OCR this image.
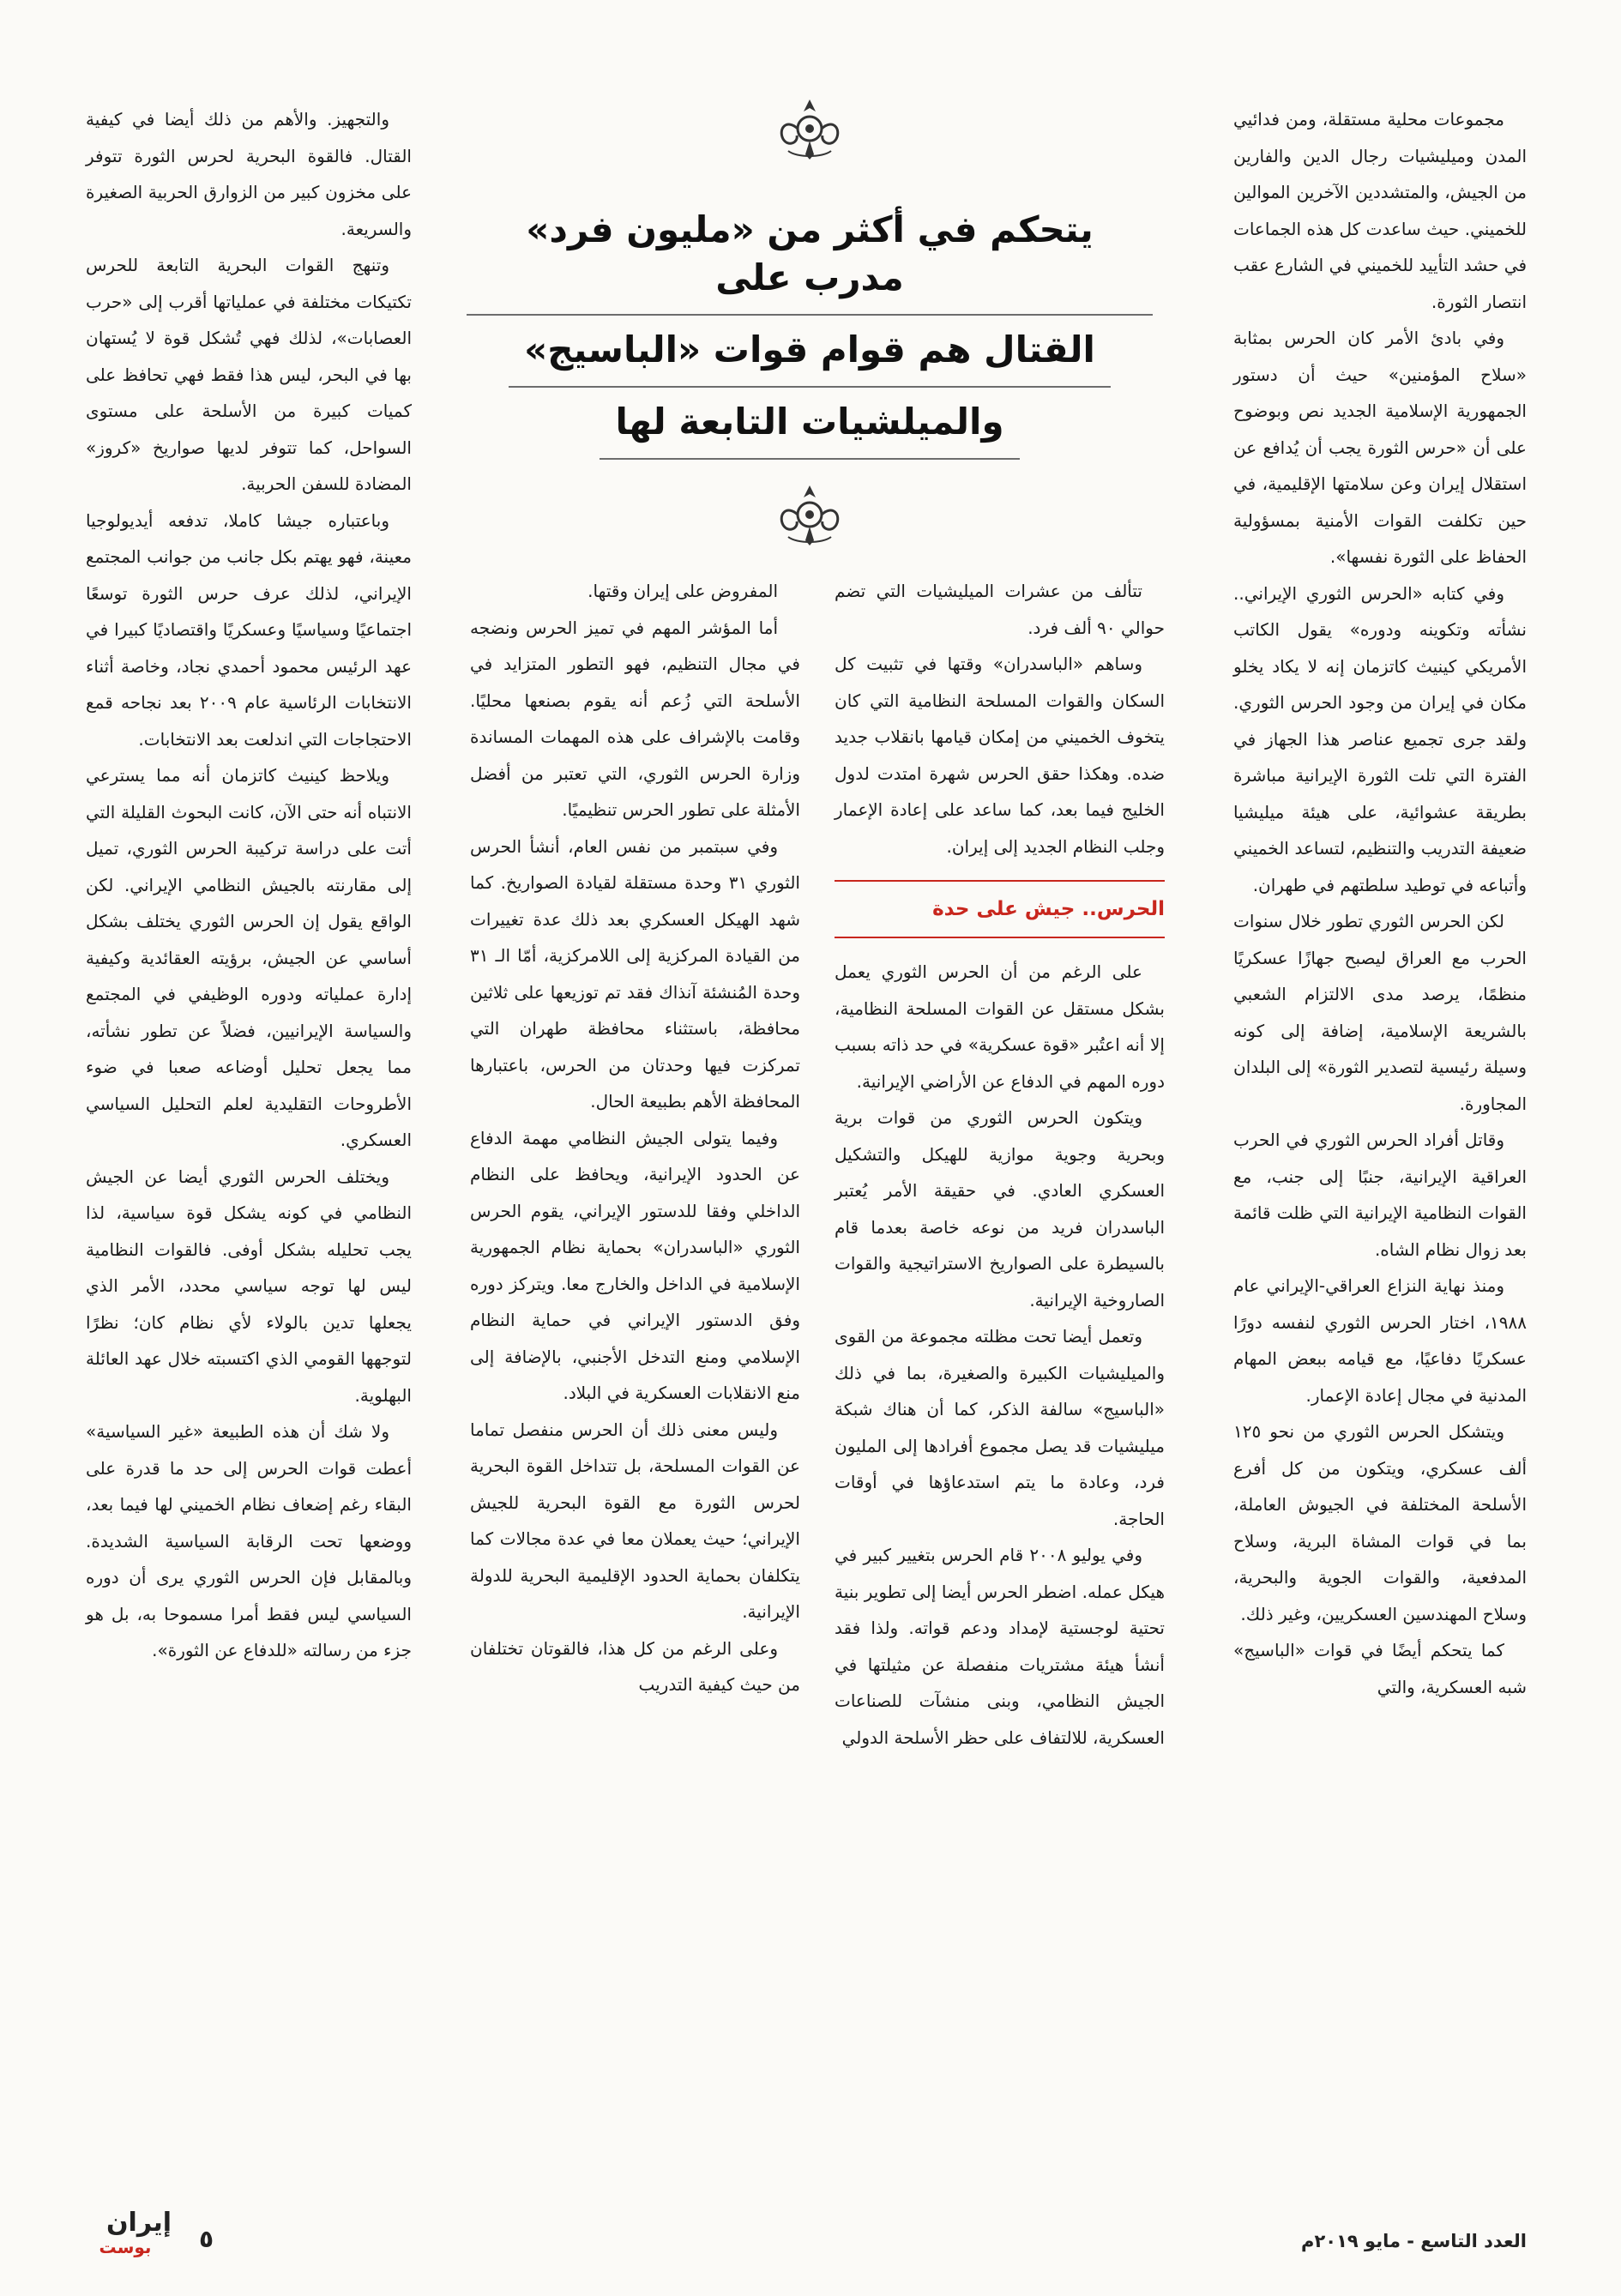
يتحكم في أكثر من «مليون فرد» مدرب على
القتال هم قوام قوات «الباسيج»
والميلشيات التابعة لها

مجموعات محلية مستقلة، ومن فدائيي المدن وميليشيات رجال الدين والفارين من الجيش، والمتشددين الآخرين الموالين للخميني. حيث ساعدت كل هذه الجماعات في حشد التأييد للخميني في الشارع عقب انتصار الثورة.

وفي بادئ الأمر كان الحرس بمثابة «سلاح المؤمنين» حيث أن دستور الجمهورية الإسلامية الجديد نص وبوضوح على أن «حرس الثورة يجب أن يُدافع عن استقلال إيران وعن سلامتها الإقليمية، في حين تكلفت القوات الأمنية بمسؤولية الحفاظ على الثورة نفسها».

وفي كتابه «الحرس الثوري الإيراني.. نشأته وتكوينه ودوره» يقول الكاتب الأمريكي كينيث كاتزمان إنه لا يكاد يخلو مكان في إيران من وجود الحرس الثوري. ولقد جرى تجميع عناصر هذا الجهاز في الفترة التي تلت الثورة الإيرانية مباشرة بطريقة عشوائية، على هيئة ميليشيا ضعيفة التدريب والتنظيم، لتساعد الخميني وأتباعه في توطيد سلطتهم في طهران.

لكن الحرس الثوري تطور خلال سنوات الحرب مع العراق ليصبح جهازًا عسكريًا منظمًا، يرصد مدى الالتزام الشعبي بالشريعة الإسلامية، إضافة إلى كونه وسيلة رئيسية لتصدير الثورة» إلى البلدان المجاورة.

وقاتل أفراد الحرس الثوري في الحرب العراقية الإيرانية، جنبًا إلى جنب، مع القوات النظامية الإيرانية التي ظلت قائمة بعد زوال نظام الشاه.

ومنذ نهاية النزاع العراقي-الإيراني عام ١٩٨٨، اختار الحرس الثوري لنفسه دورًا عسكريًا دفاعيًا، مع قيامه ببعض المهام المدنية في مجال إعادة الإعمار.

ويتشكل الحرس الثوري من نحو ١٢٥ ألف عسكري، ويتكون من كل أفرع الأسلحة المختلفة في الجيوش العاملة، بما في قوات المشاة البرية، وسلاح المدفعية، والقوات الجوية والبحرية، وسلاح المهندسين العسكريين، وغير ذلك.

كما يتحكم أيضًا في قوات «الباسيج» شبه العسكرية، والتي

تتألف من عشرات الميليشيات التي تضم حوالي ٩٠ ألف فرد.

وساهم «الباسدران» وقتها في تثبيت كل السكان والقوات المسلحة النظامية التي كان يتخوف الخميني من إمكان قيامها بانقلاب جديد ضده. وهكذا حقق الحرس شهرة امتدت لدول الخليج فيما بعد، كما ساعد على إعادة الإعمار وجلب النظام الجديد إلى إيران.

الحرس.. جيش على حدة

على الرغم من أن الحرس الثوري يعمل بشكل مستقل عن القوات المسلحة النظامية، إلا أنه اعتُبر «قوة عسكرية» في حد ذاته بسبب دوره المهم في الدفاع عن الأراضي الإيرانية.

ويتكون الحرس الثوري من قوات برية وبحرية وجوية موازية للهيكل والتشكيل العسكري العادي. في حقيقة الأمر يُعتبر الباسدران فريد من نوعه خاصة بعدما قام بالسيطرة على الصواريخ الاستراتيجية والقوات الصاروخية الإيرانية.

وتعمل أيضا تحت مظلته مجموعة من القوى والميليشيات الكبيرة والصغيرة، بما في ذلك «الباسيج» سالفة الذكر، كما أن هناك شبكة ميليشيات قد يصل مجموع أفرادها إلى المليون فرد، وعادة ما يتم استدعاؤها في أوقات الحاجة.

وفي يوليو ٢٠٠٨ قام الحرس بتغيير كبير في هيكل عمله. اضطر الحرس أيضا إلى تطوير بنية تحتية لوجستية لإمداد ودعم قواته. ولذا فقد أنشأ هيئة مشتريات منفصلة عن مثيلتها في الجيش النظامي، وبنى منشآت للصناعات العسكرية، للالتفاف على حظر الأسلحة الدولي

المفروض على إيران وقتها.

أما المؤشر المهم في تميز الحرس ونضجه في مجال التنظيم، فهو التطور المتزايد في الأسلحة التي زُعم أنه يقوم بصنعها محليًا. وقامت بالإشراف على هذه المهمات المساندة وزارة الحرس الثوري، التي تعتبر من أفضل الأمثلة على تطور الحرس تنظيميًا.

وفي سبتمبر من نفس العام، أنشأ الحرس الثوري ٣١ وحدة مستقلة لقيادة الصواريخ. كما شهد الهيكل العسكري بعد ذلك عدة تغييرات من القيادة المركزية إلى اللامركزية، أمّا الـ ٣١ وحدة المُنشئة آنذاك فقد تم توزيعها على ثلاثين محافظة، باستثناء محافظة طهران التي تمركزت فيها وحدتان من الحرس، باعتبارها المحافظة الأهم بطبيعة الحال.

وفيما يتولى الجيش النظامي مهمة الدفاع عن الحدود الإيرانية، ويحافظ على النظام الداخلي وفقا للدستور الإيراني، يقوم الحرس الثوري «الباسدران» بحماية نظام الجمهورية الإسلامية في الداخل والخارج معا. ويتركز دوره وفق الدستور الإيراني في حماية النظام الإسلامي ومنع التدخل الأجنبي، بالإضافة إلى منع الانقلابات العسكرية في البلاد.

وليس معنى ذلك أن الحرس منفصل تماما عن القوات المسلحة، بل تتداخل القوة البحرية لحرس الثورة مع القوة البحرية للجيش الإيراني؛ حيث يعملان معا في عدة مجالات كما يتكلفان بحماية الحدود الإقليمية البحرية للدولة الإيرانية.

وعلى الرغم من كل هذا، فالقوتان تختلفان من حيث كيفية التدريب

والتجهيز. والأهم من ذلك أيضا في كيفية القتال. فالقوة البحرية لحرس الثورة تتوفر على مخزون كبير من الزوارق الحربية الصغيرة والسريعة.

وتنهج القوات البحرية التابعة للحرس تكتيكات مختلفة في عملياتها أقرب إلى «حرب العصابات»، لذلك فهي تُشكل قوة لا يُستهان بها في البحر، ليس هذا فقط فهي تحافظ على كميات كبيرة من الأسلحة على مستوى السواحل، كما تتوفر لديها صواريخ «كروز» المضادة للسفن الحربية.

وباعتباره جيشا كاملا، تدفعه أيديولوجيا معينة، فهو يهتم بكل جانب من جوانب المجتمع الإيراني، لذلك عرف حرس الثورة توسعًا اجتماعيًا وسياسيًا وعسكريًا واقتصاديًا كبيرا في عهد الرئيس محمود أحمدي نجاد، وخاصة أثناء الانتخابات الرئاسية عام ٢٠٠٩ بعد نجاحه قمع الاحتجاجات التي اندلعت بعد الانتخابات.

ويلاحظ كينيث كاتزمان أنه مما يسترعي الانتباه أنه حتى الآن، كانت البحوث القليلة التي أتت على دراسة تركيبة الحرس الثوري، تميل إلى مقارنته بالجيش النظامي الإيراني. لكن الواقع يقول إن الحرس الثوري يختلف بشكل أساسي عن الجيش، برؤيته العقائدية وكيفية إدارة عملياته ودوره الوظيفي في المجتمع والسياسة الإيرانيين، فضلاً عن تطور نشأته، مما يجعل تحليل أوضاعه صعبا في ضوء الأطروحات التقليدية لعلم التحليل السياسي العسكري.

ويختلف الحرس الثوري أيضا عن الجيش النظامي في كونه يشكل قوة سياسية، لذا يجب تحليله بشكل أوفى. فالقوات النظامية ليس لها توجه سياسي محدد، الأمر الذي يجعلها تدين بالولاء لأي نظام كان؛ نظرًا لتوجهها القومي الذي اكتسبته خلال عهد العائلة البهلوية.

ولا شك أن هذه الطبيعة «غير السياسية» أعطت قوات الحرس إلى حد ما قدرة على البقاء رغم إضعاف نظام الخميني لها فيما بعد، ووضعها تحت الرقابة السياسية الشديدة. وبالمقابل فإن الحرس الثوري يرى أن دوره السياسي ليس فقط أمرا مسموحا به، بل هو جزء من رسالته «للدفاع عن الثورة».

العدد التاسع - مايو ٢٠١٩م
٥
إيران
بوست
